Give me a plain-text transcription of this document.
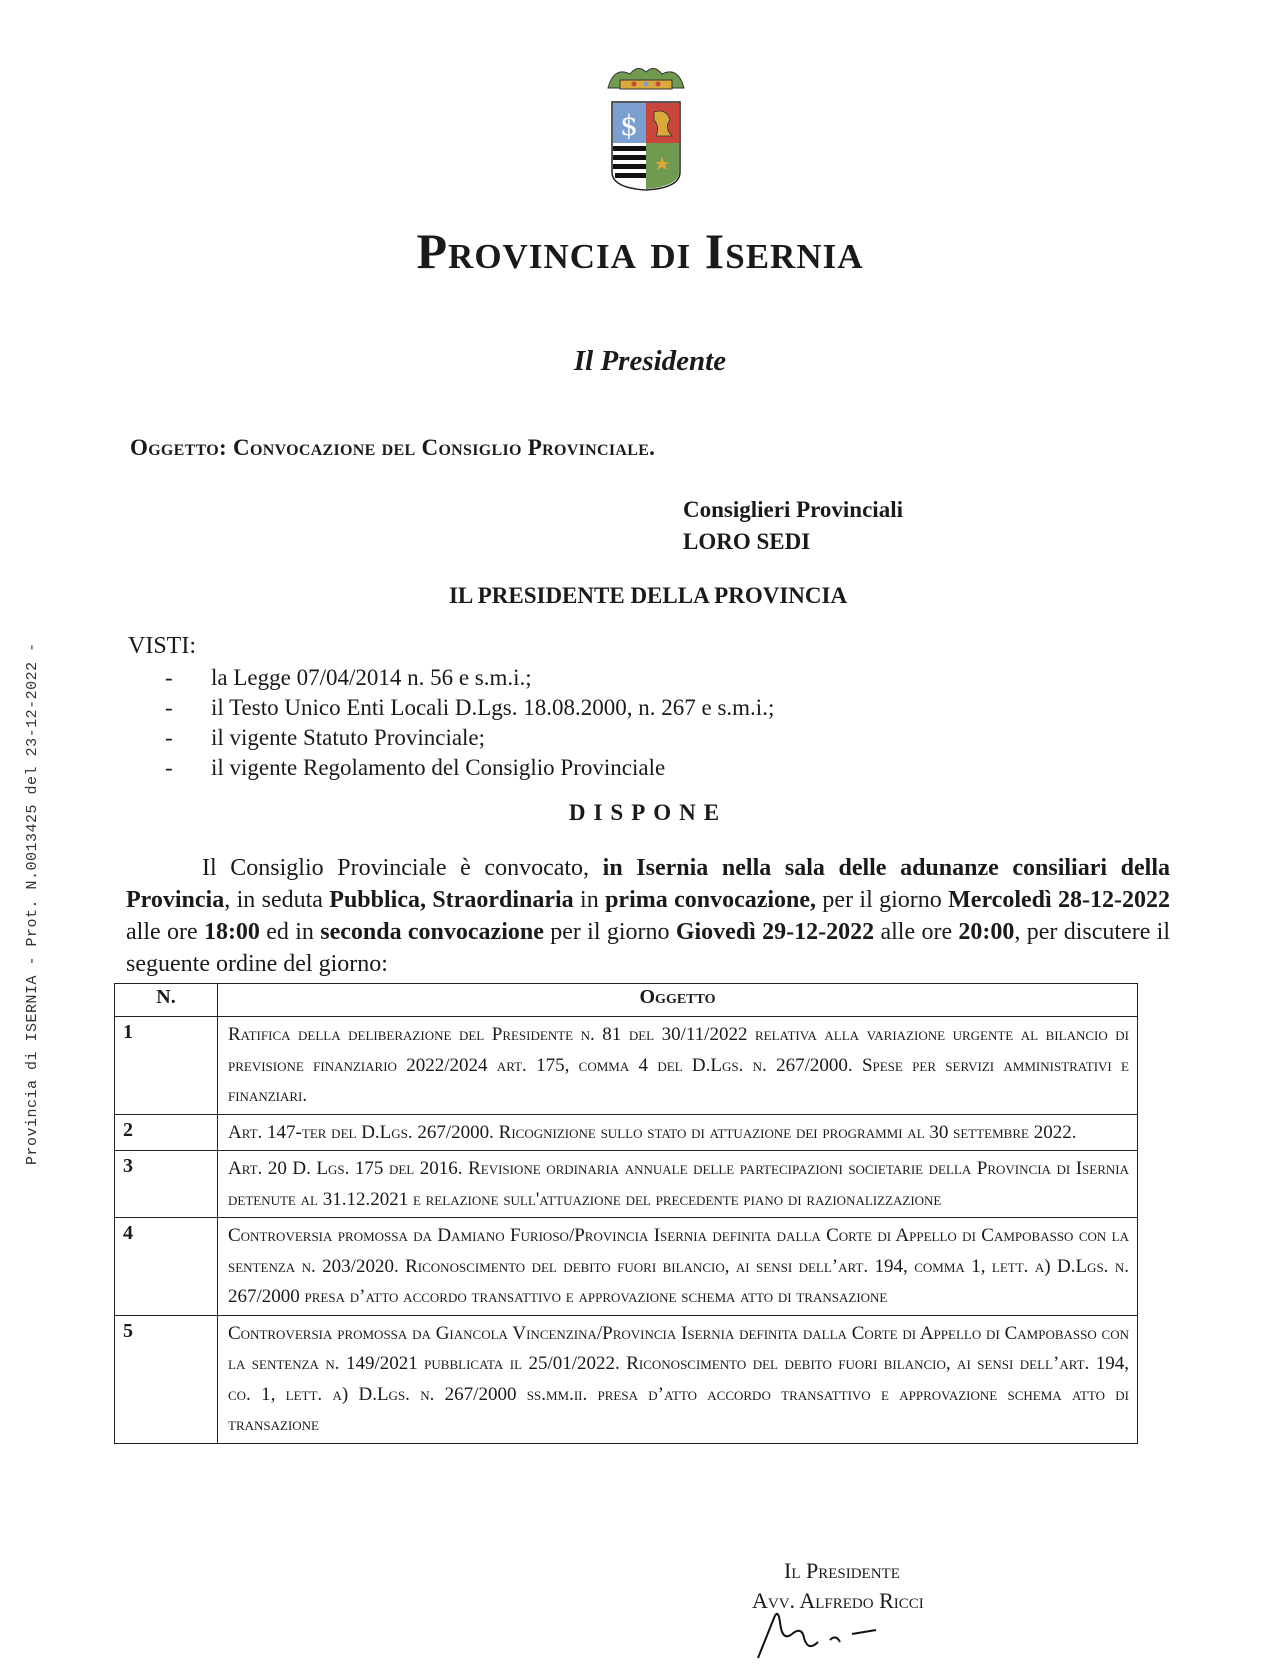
Provincia di ISERNIA - Prot. N.0013425 del 23-12-2022 -
$
Provincia di Isernia
Il Presidente
Oggetto: Convocazione del Consiglio Provinciale.
Consiglieri Provinciali
LORO SEDI
IL PRESIDENTE DELLA PROVINCIA
VISTI:
- la Legge 07/04/2014 n. 56 e s.m.i.;
- il Testo Unico Enti Locali D.Lgs. 18.08.2000, n. 267 e s.m.i.;
- il vigente Statuto Provinciale;
- il vigente Regolamento del Consiglio Provinciale
DISPONE
Il Consiglio Provinciale è convocato, in Isernia nella sala delle adunanze consiliari della Provincia, in seduta Pubblica, Straordinaria in prima convocazione, per il giorno Mercoledì 28-12-2022 alle ore 18:00 ed in seconda convocazione per il giorno Giovedì 29-12-2022 alle ore 20:00, per discutere il seguente ordine del giorno:
N.	Oggetto
1	Ratifica della deliberazione del Presidente n. 81 del 30/11/2022 relativa alla variazione urgente al bilancio di previsione finanziario 2022/2024 art. 175, comma 4 del D.Lgs. n. 267/2000. Spese per servizi amministrativi e finanziari.
2	Art. 147-ter del D.Lgs. 267/2000. Ricognizione sullo stato di attuazione dei programmi al 30 settembre 2022.
3	Art. 20 D. Lgs. 175 del 2016. Revisione ordinaria annuale delle partecipazioni societarie della Provincia di Isernia detenute al 31.12.2021 e relazione sull'attuazione del precedente piano di razionalizzazione
4	Controversia promossa da Damiano Furioso/Provincia Isernia definita dalla Corte di Appello di Campobasso con la sentenza n. 203/2020. Riconoscimento del debito fuori bilancio, ai sensi dell’art. 194, comma 1, lett. a) D.Lgs. n. 267/2000 presa d’atto accordo transattivo e approvazione schema atto di transazione
5	Controversia promossa da Giancola Vincenzina/Provincia Isernia definita dalla Corte di Appello di Campobasso con la sentenza n. 149/2021 pubblicata il 25/01/2022. Riconoscimento del debito fuori bilancio, ai sensi dell’art. 194, co. 1, lett. a) D.Lgs. n. 267/2000 ss.mm.ii. presa d’atto accordo transattivo e approvazione schema atto di transazione
Il Presidente
Avv. Alfredo Ricci
